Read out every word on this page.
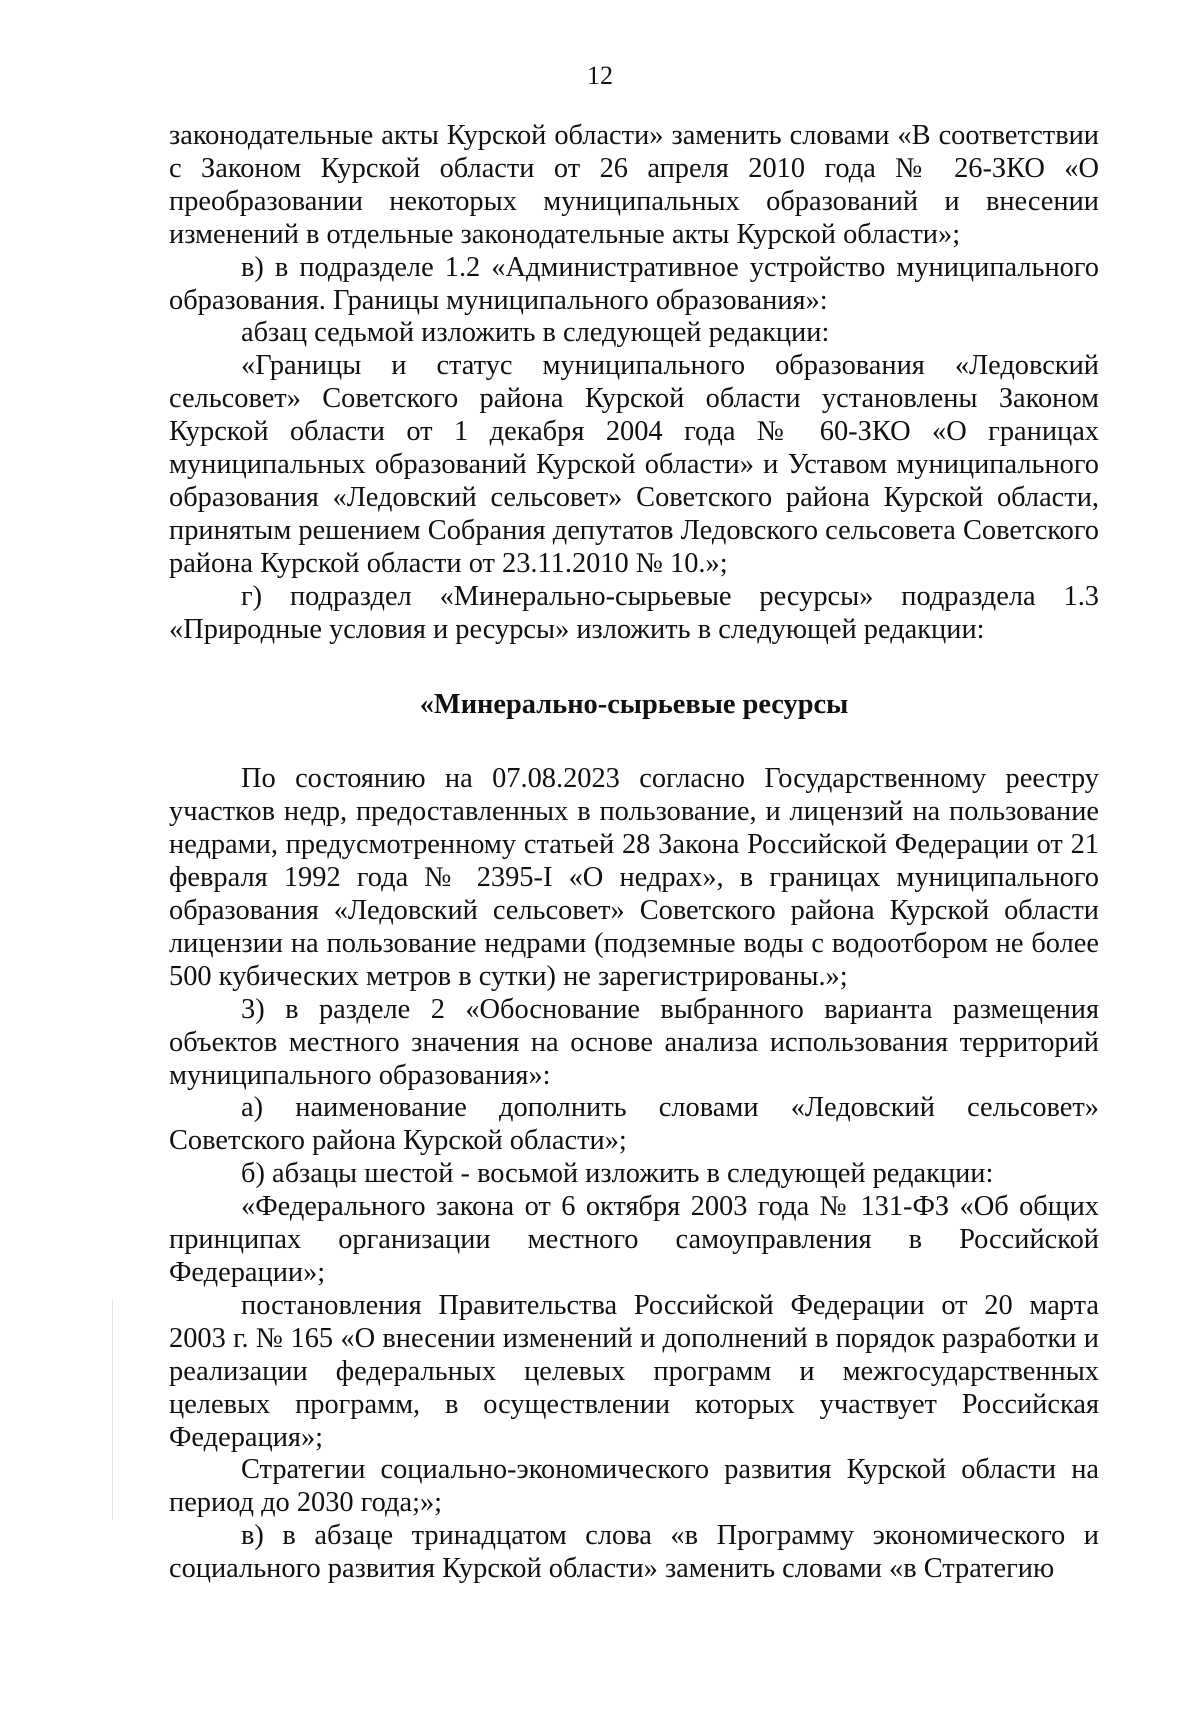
12

законодательные акты Курской области» заменить словами «В соответствии с Законом Курской области от 26 апреля 2010 года № 26-ЗКО «О преобразовании некоторых муниципальных образований и внесении изменений в отдельные законодательные акты Курской области»;

в) в подразделе 1.2 «Административное устройство муниципального образования. Границы муниципального образования»:

абзац седьмой изложить в следующей редакции:

«Границы и статус муниципального образования «Ледовский сельсовет» Советского района Курской области установлены Законом Курской области от 1 декабря 2004 года № 60-ЗКО «О границах муниципальных образований Курской области» и Уставом муниципального образования «Ледовский сельсовет» Советского района Курской области, принятым решением Собрания депутатов Ледовского сельсовета Советского района Курской области от 23.11.2010 № 10.»;

г) подраздел «Минерально-сырьевые ресурсы» подраздела 1.3 «Природные условия и ресурсы» изложить в следующей редакции:

«Минерально-сырьевые ресурсы

По состоянию на 07.08.2023 согласно Государственному реестру участков недр, предоставленных в пользование, и лицензий на пользование недрами, предусмотренному статьей 28 Закона Российской Федерации от 21 февраля 1992 года № 2395-I «О недрах», в границах муниципального образования «Ледовский сельсовет» Советского района Курской области лицензии на пользование недрами (подземные воды с водоотбором не более 500 кубических метров в сутки) не зарегистрированы.»;

3) в разделе 2 «Обоснование выбранного варианта размещения объектов местного значения на основе анализа использования территорий муниципального образования»:

а) наименование дополнить словами «Ледовский сельсовет» Советского района Курской области»;

б) абзацы шестой - восьмой изложить в следующей редакции:

«Федерального закона от 6 октября 2003 года № 131-ФЗ «Об общих принципах организации местного самоуправления в Российской Федерации»;

постановления Правительства Российской Федерации от 20 марта 2003 г. № 165 «О внесении изменений и дополнений в порядок разработки и реализации федеральных целевых программ и межгосударственных целевых программ, в осуществлении которых участвует Российская Федерация»;

Стратегии социально-экономического развития Курской области на период до 2030 года;»;

в) в абзаце тринадцатом слова «в Программу экономического и социального развития Курской области» заменить словами «в Стратегию
